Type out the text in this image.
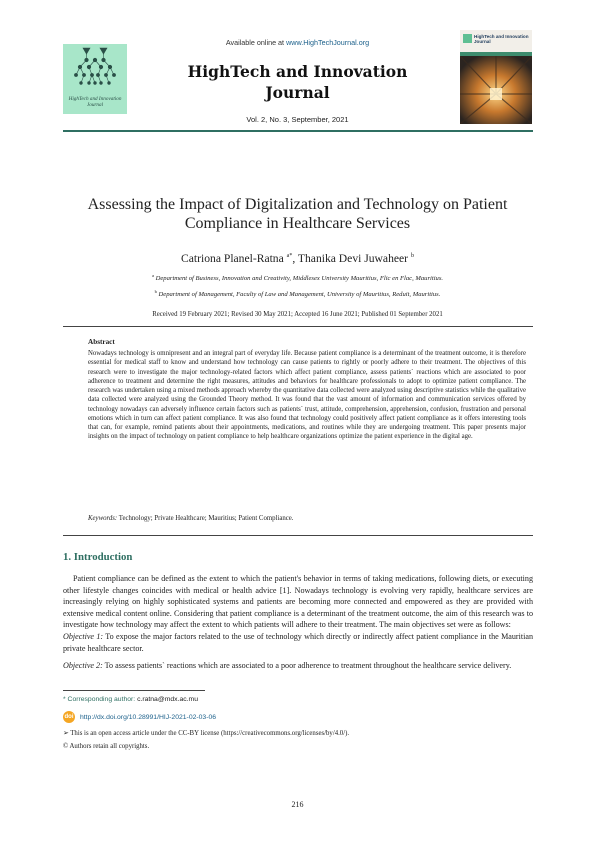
Available online at www.HighTechJournal.org
HighTech and Innovation
Journal
HighTech and Innovation
Journal
Vol. 2, No. 3, September, 2021
HighTech and Innovation
Journal
Assessing the Impact of Digitalization and Technology on Patient Compliance in Healthcare Services
Catriona Planel-Ratna $^{a*}$, Thanika Devi Juwaheer $^b$
$^a$ Department of Business, Innovation and Creativity, Middlesex University Mauritius, Flic en Flac, Mauritius.
$^b$ Department of Management, Faculty of Law and Management, University of Mauritius, Reduit, Mauritius.
Received 19 February 2021; Revised 30 May 2021; Accepted 16 June 2021; Published 01 September 2021
Abstract
Nowadays technology is omnipresent and an integral part of everyday life. Because patient compliance is a determinant of the treatment outcome, it is therefore essential for medical staff to know and understand how technology can cause patients to rightly or poorly adhere to their treatment. The objectives of this research were to investigate the major technology-related factors which affect patient compliance, assess patients` reactions which are associated to poor adherence to treatment and determine the right measures, attitudes and behaviors for healthcare professionals to adopt to optimize patient compliance. The research was undertaken using a mixed methods approach whereby the quantitative data collected were analyzed using descriptive statistics while the qualitative data collected were analyzed using the Grounded Theory method. It was found that the vast amount of information and communication services offered by technology nowadays can adversely influence certain factors such as patients` trust, attitude, comprehension, apprehension, confusion, frustration and personal emotions which in turn can affect patient compliance. It was also found that technology could positively affect patient compliance as it offers interesting tools that can, for example, remind patients about their appointments, medications, and routines while they are undergoing treatment. This paper presents major insights on the impact of technology on patient compliance to help healthcare organizations optimize the patient experience in the digital age.
Keywords: Technology; Private Healthcare; Mauritius; Patient Compliance.
1. Introduction
Patient compliance can be defined as the extent to which the patient's behavior in terms of taking medications, following diets, or executing other lifestyle changes coincides with medical or health advice [1]. Nowadays technology is evolving very rapidly, healthcare services are increasingly relying on highly sophisticated systems and patients are becoming more connected and empowered as they are provided with extensive medical content online. Considering that patient compliance is a determinant of the treatment outcome, the aim of this research was to investigate how technology may affect the extent to which patients will adhere to their treatment. The main objectives set were as follows:
Objective 1: To expose the major factors related to the use of technology which directly or indirectly affect patient compliance in the Mauritian private healthcare sector.
Objective 2: To assess patients` reactions which are associated to a poor adherence to treatment throughout the healthcare service delivery.
* Corresponding author: c.ratna@mdx.ac.mu
doi http://dx.doi.org/10.28991/HIJ-2021-02-03-06
➢ This is an open access article under the CC-BY license (https://creativecommons.org/licenses/by/4.0/).
© Authors retain all copyrights.
216
